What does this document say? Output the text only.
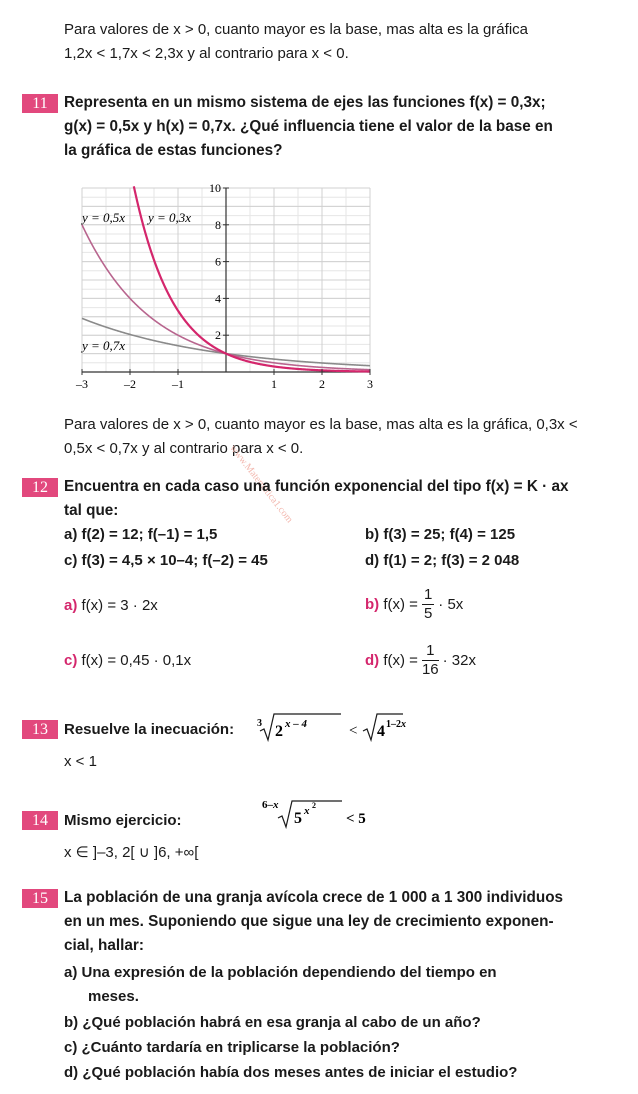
Para valores de x > 0, cuanto mayor es la base, mas alta es la gráfica
1,2x < 1,7x < 2,3x y al contrario para x < 0.
11	Representa en un mismo sistema de ejes las funciones f(x) = 0,3x;
g(x) = 0,5x y h(x) = 0,7x. ¿Qué influencia tiene el valor de la base en
la gráfica de estas funciones?
–3	–2	–1	1	2	3
2
4
6
8
10
y = 0,5x y = 0,3x
y = 0,7x
Para valores de x > 0, cuanto mayor es la base, mas alta es la gráfica, 0,3x <
0,5x < 0,7x y al contrario para x < 0.
www.Matematica1.com
12	Encuentra en cada caso una función exponencial del tipo f(x) = K · ax
tal que:
a) f(2) = 12; f(–1) = 1,5	b) f(3) = 25; f(4) = 125
c) f(3) = 4,5 × 10–4; f(–2) = 45	d) f(1) = 2; f(3) = 2 048
a) f(x) = 3 · 2x	b)
$f(x) = \frac{1}{5} \cdot 5x$
c) f(x) = 0,45 · 0,1x	d)
$f(x) = \frac{1}{16} \cdot 32x$
13	Resuelve la inecuación: 3 2 x – 4	< 4 1–2x
x < 1
14	Mismo ejercicio:
6–x
5 x 2
< 5
x ∈ ]–3, 2[ ∪ ]6, +∞[
15	La población de una granja avícola crece de 1 000 a 1 300 individuos
en un mes. Suponiendo que sigue una ley de crecimiento exponen-
cial, hallar:
a) Una expresión de la población dependiendo del tiempo en
meses.
b) ¿Qué población habrá en esa granja al cabo de un año?
c) ¿Cuánto tardaría en triplicarse la población?
d) ¿Qué población había dos meses antes de iniciar el estudio?
